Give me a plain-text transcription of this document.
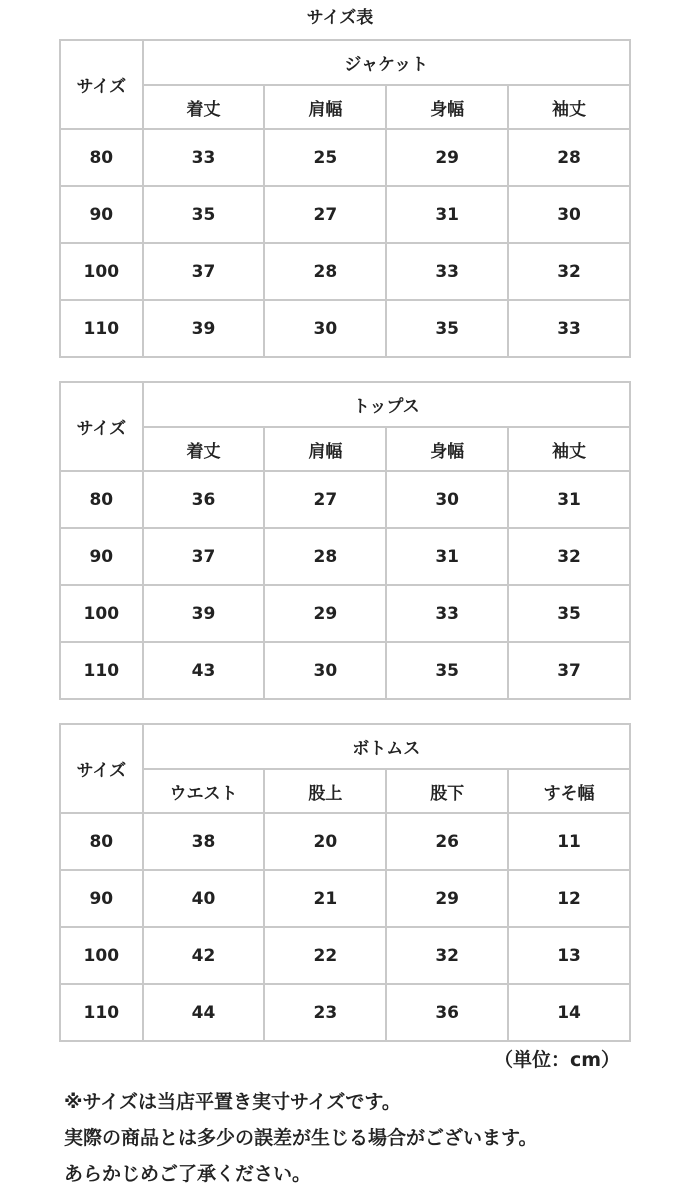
サイズ表
サイズ	ジャケット			
	着丈	肩幅	身幅	袖丈
80	33	25	29	28
90	35	27	31	30
100	37	28	33	32
110	39	30	35	33
サイズ	トップス			
	着丈	肩幅	身幅	袖丈
80	36	27	30	31
90	37	28	31	32
100	39	29	33	35
110	43	30	35	37
サイズ	ボトムス			
	ウエスト	股上	股下	すそ幅
80	38	20	26	11
90	40	21	29	12
100	42	22	32	13
110	44	23	36	14
（単位：cm）
※サイズは当店平置き実寸サイズです。
実際の商品とは多少の誤差が生じる場合がございます。
あらかじめご了承ください。
